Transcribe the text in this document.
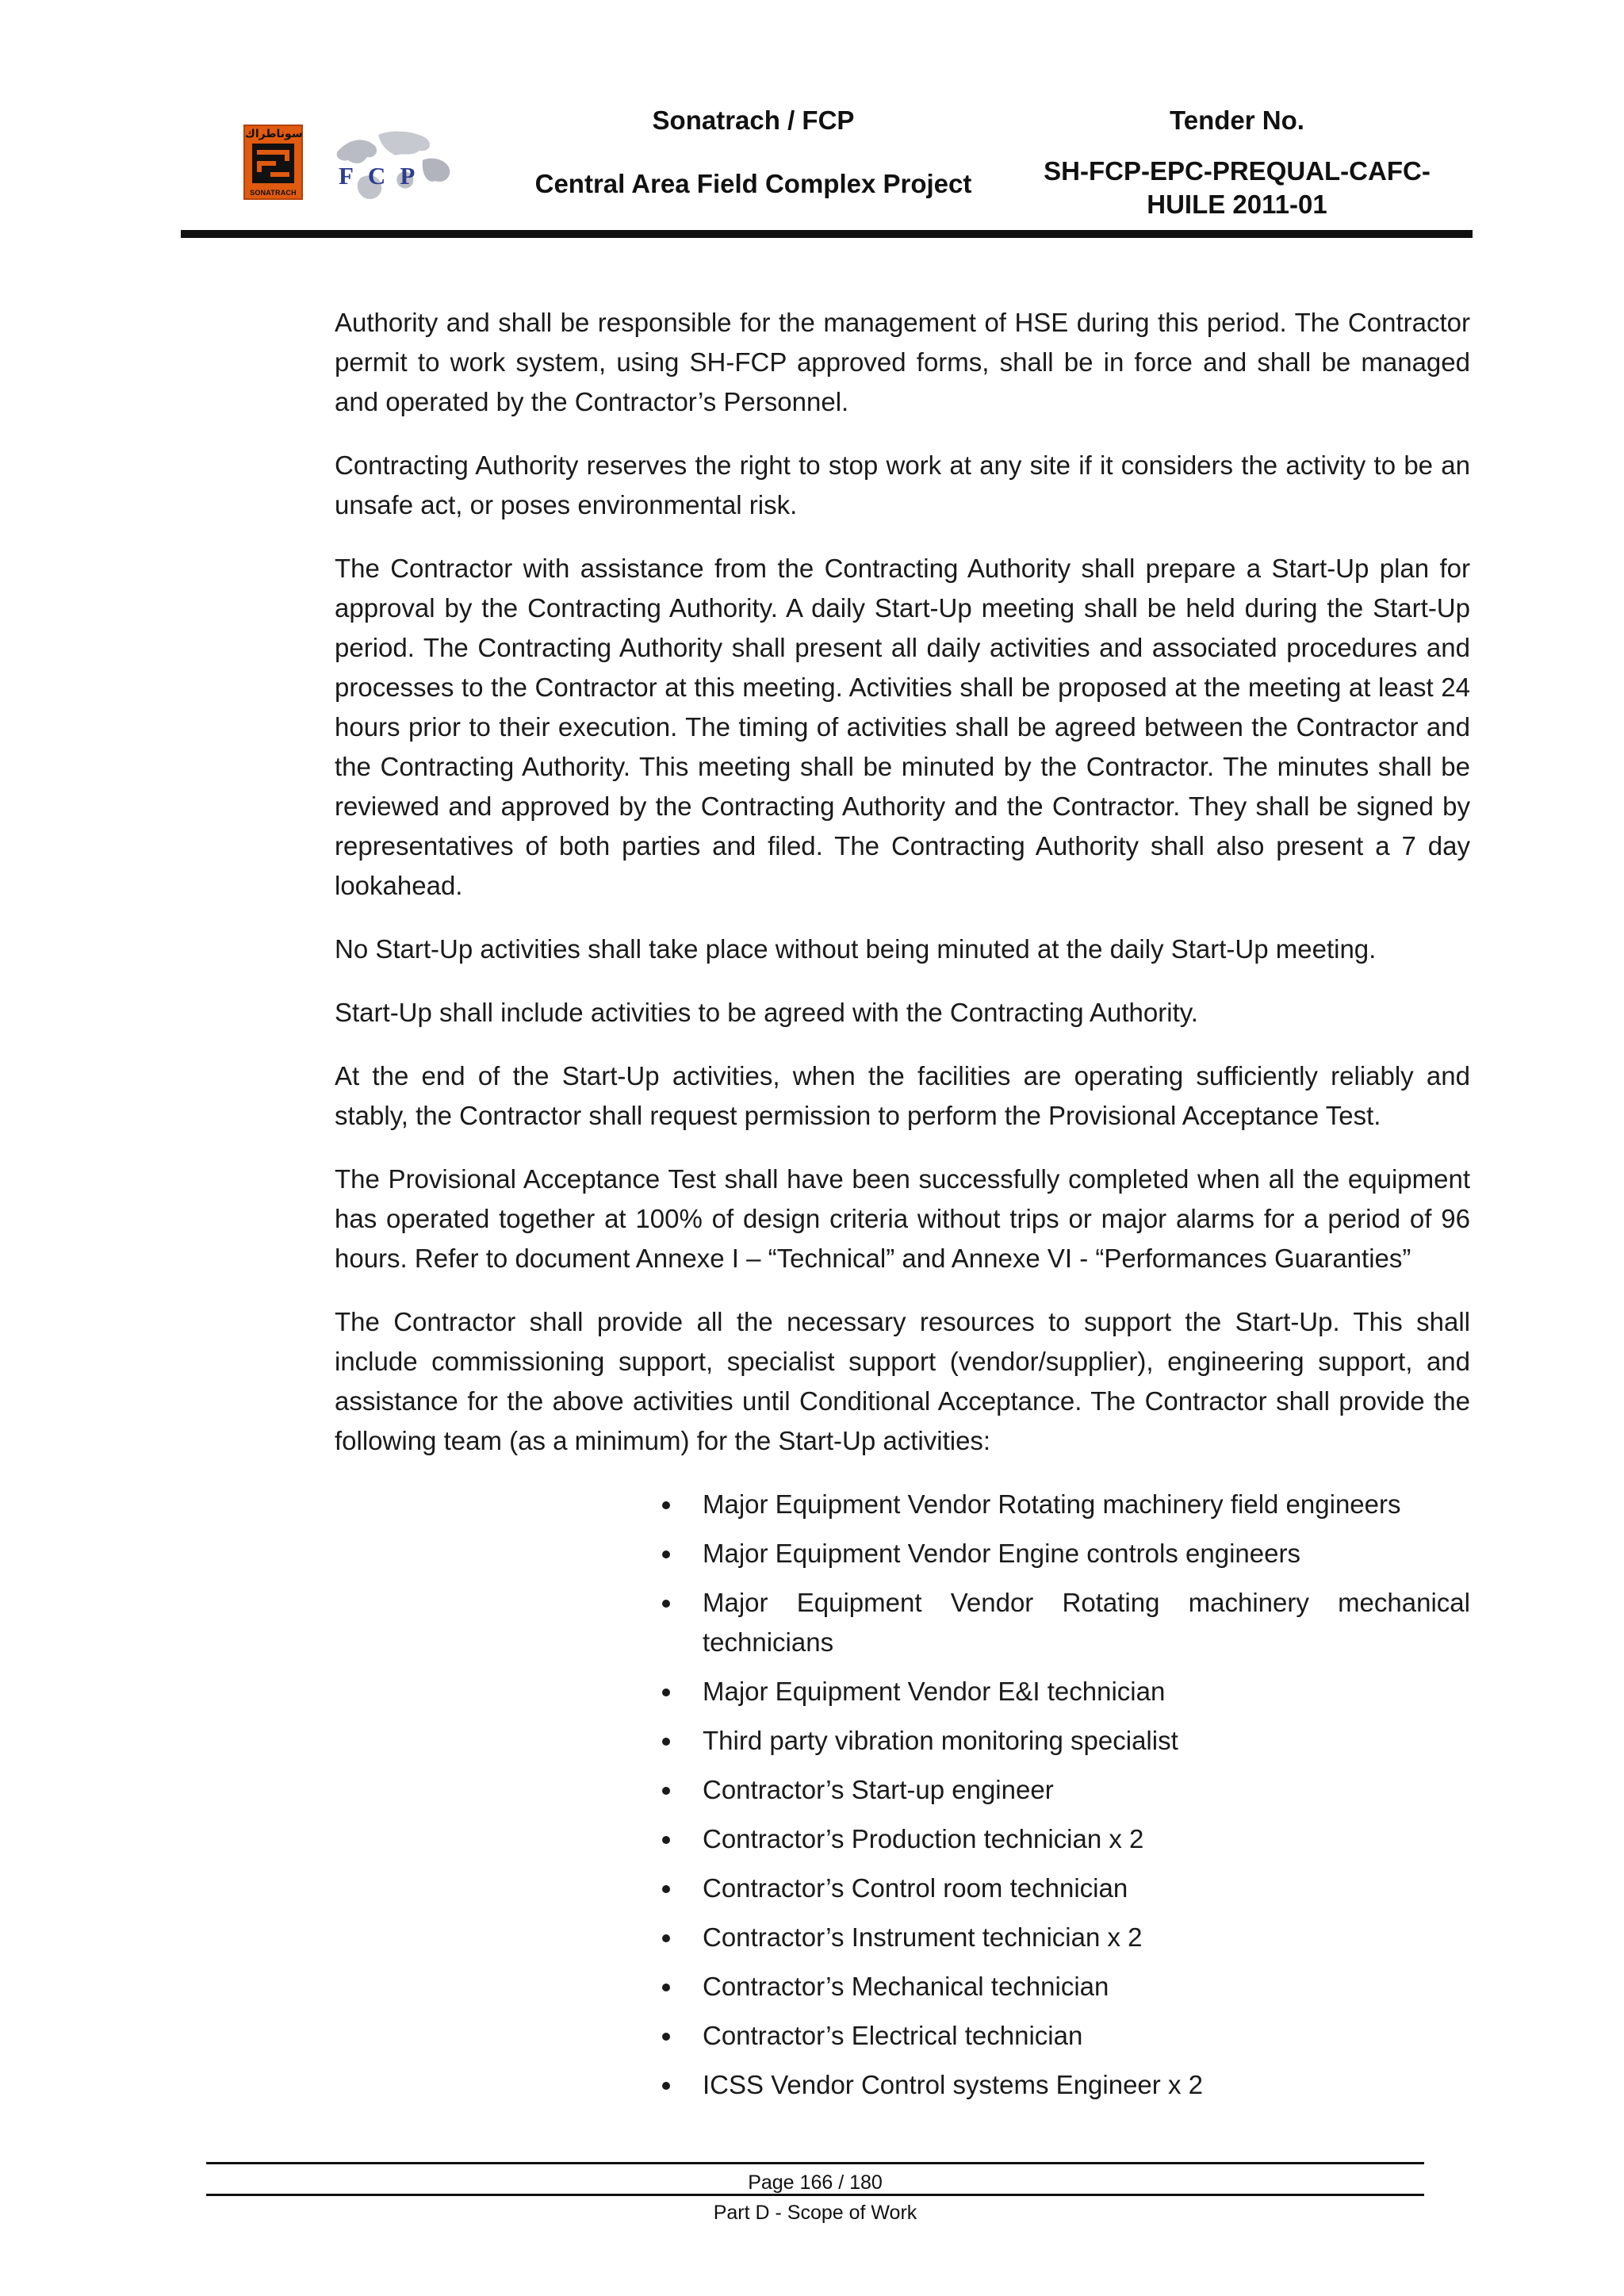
سوناطراك
SONATRACH
FCP
Sonatrach / FCP
Central Area Field Complex Project
Tender No.
SH-FCP-EPC-PREQUAL-CAFC-HUILE 2011-01

Authority and shall be responsible for the management of HSE during this period. The Contractor permit to work system, using SH-FCP approved forms, shall be in force and shall be managed and operated by the Contractor’s Personnel.

Contracting Authority reserves the right to stop work at any site if it considers the activity to be an unsafe act, or poses environmental risk.

The Contractor with assistance from the Contracting Authority shall prepare a Start-Up plan for approval by the Contracting Authority. A daily Start-Up meeting shall be held during the Start-Up period. The Contracting Authority shall present all daily activities and associated procedures and processes to the Contractor at this meeting. Activities shall be proposed at the meeting at least 24 hours prior to their execution. The timing of activities shall be agreed between the Contractor and the Contracting Authority. This meeting shall be minuted by the Contractor. The minutes shall be reviewed and approved by the Contracting Authority and the Contractor. They shall be signed by representatives of both parties and filed. The Contracting Authority shall also present a 7 day lookahead.

No Start-Up activities shall take place without being minuted at the daily Start-Up meeting.

Start-Up shall include activities to be agreed with the Contracting Authority.

At the end of the Start-Up activities, when the facilities are operating sufficiently reliably and stably, the Contractor shall request permission to perform the Provisional Acceptance Test.

The Provisional Acceptance Test shall have been successfully completed when all the equipment has operated together at 100% of design criteria without trips or major alarms for a period of 96 hours. Refer to document Annexe I – “Technical” and Annexe VI - “Performances Guaranties”

The Contractor shall provide all the necessary resources to support the Start-Up. This shall include commissioning support, specialist support (vendor/supplier), engineering support, and assistance for the above activities until Conditional Acceptance. The Contractor shall provide the following team (as a minimum) for the Start-Up activities:

Major Equipment Vendor Rotating machinery field engineers
Major Equipment Vendor Engine controls engineers
Major Equipment Vendor Rotating machinery mechanical technicians
Major Equipment Vendor E&I technician
Third party vibration monitoring specialist
Contractor’s Start-up engineer
Contractor’s Production technician x 2
Contractor’s Control room technician
Contractor’s Instrument technician x 2
Contractor’s Mechanical technician
Contractor’s Electrical technician
ICSS Vendor Control systems Engineer x 2
Page 166 / 180
Part D - Scope of Work
